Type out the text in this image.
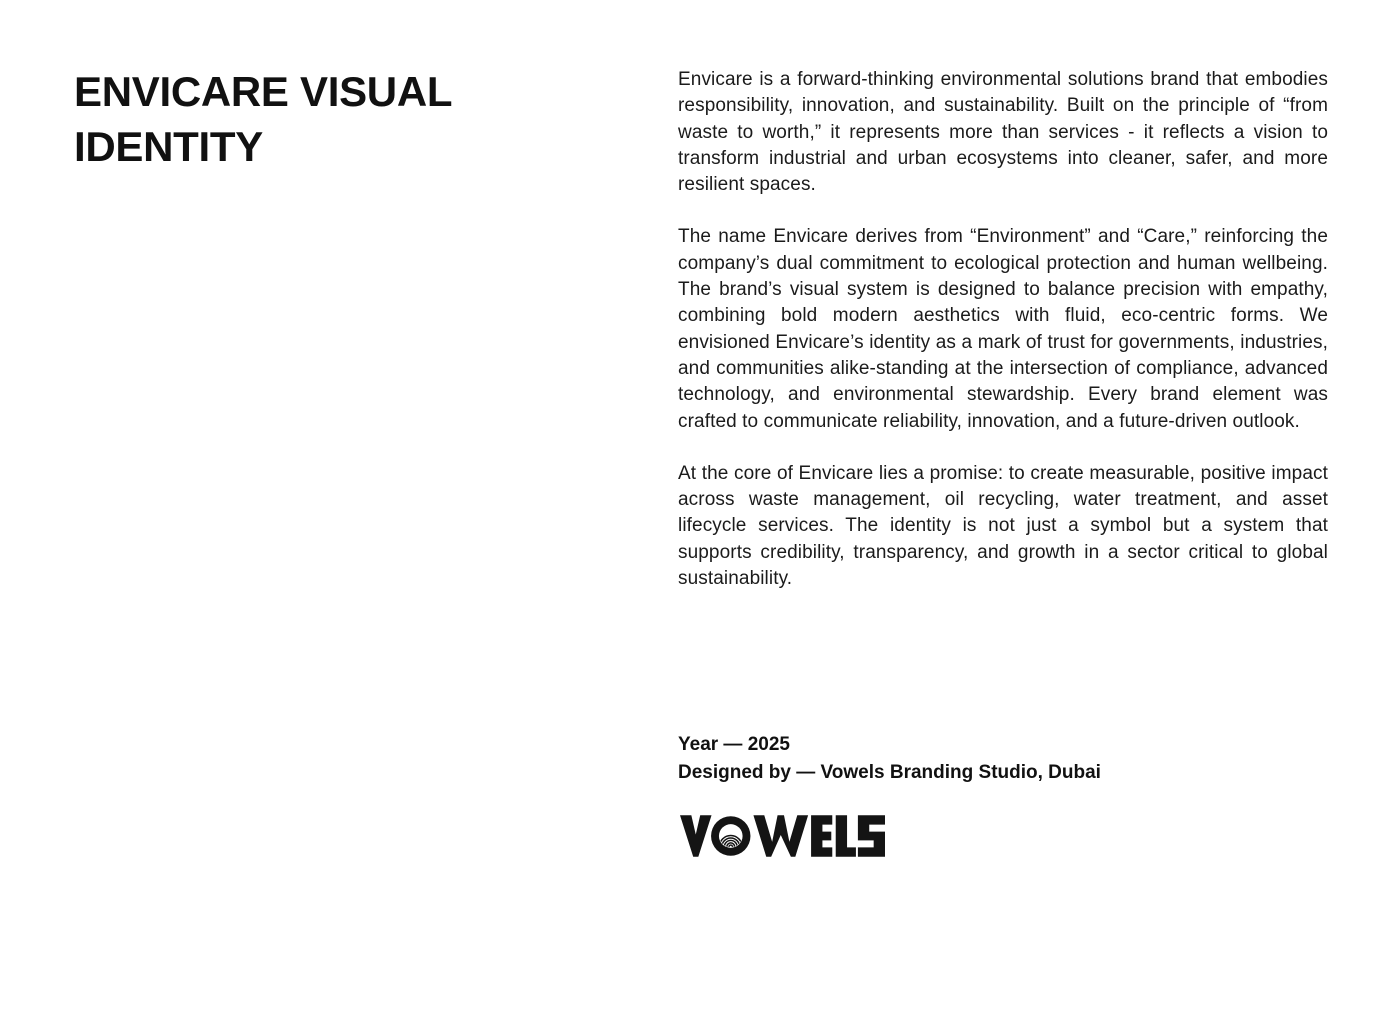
ENVICARE VISUAL IDENTITY

Envicare is a forward-thinking environmental solutions brand that embodies responsibility, innovation, and sustainability. Built on the principle of “from waste to worth,” it represents more than services - it reflects a vision to transform industrial and urban ecosystems into cleaner, safer, and more resilient spaces.

The name Envicare derives from “Environment” and “Care,” reinforcing the company’s dual commitment to ecological protection and human wellbeing. The brand’s visual system is designed to balance precision with empathy, combining bold modern aesthetics with fluid, eco-centric forms. We envisioned Envicare’s identity as a mark of trust for governments, industries, and communities alike-standing at the intersection of compliance, advanced technology, and environmental stewardship. Every brand element was crafted to communicate reliability, innovation, and a future-driven outlook.

At the core of Envicare lies a promise: to create measurable, positive impact across waste management, oil recycling, water treatment, and asset lifecycle services. The identity is not just a symbol but a system that supports credibility, transparency, and growth in a sector critical to global sustainability.

Year — 2025

Designed by — Vowels Branding Studio, Dubai
